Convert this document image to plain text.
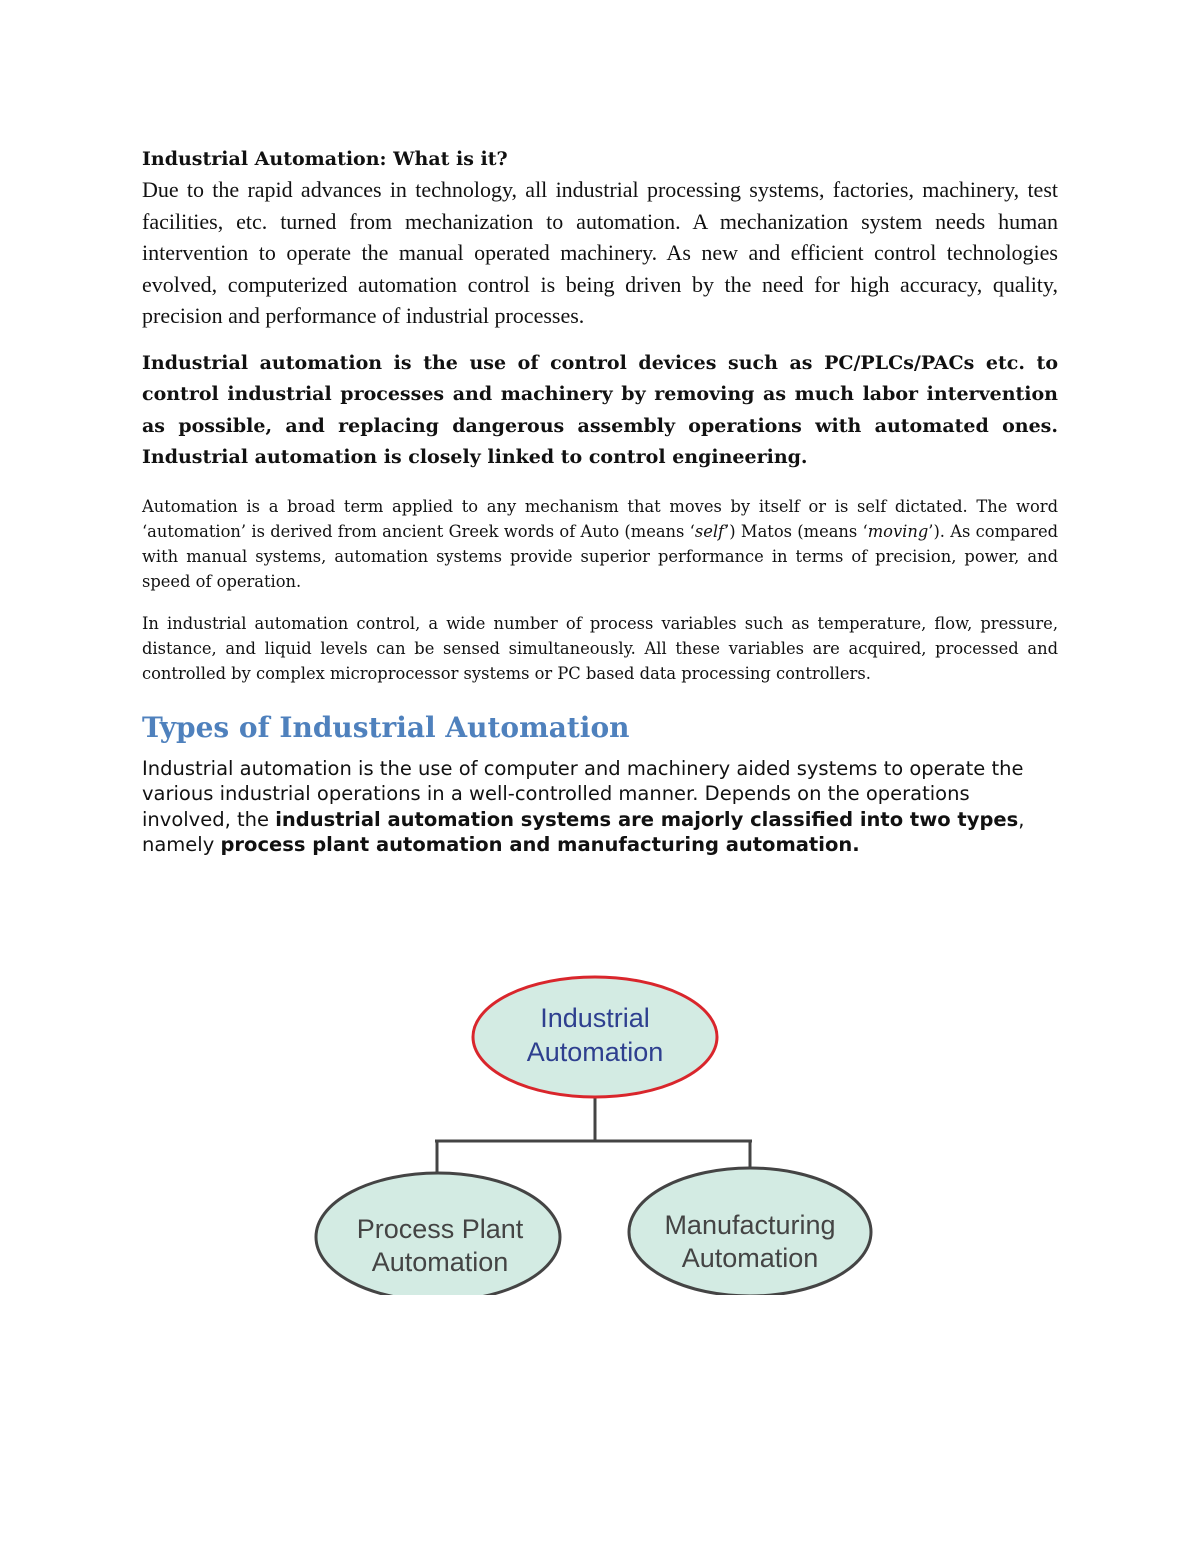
Industrial Automation: What is it?

Due to the rapid advances in technology, all industrial processing systems, factories, machinery, test facilities, etc. turned from mechanization to automation. A mechanization system needs human intervention to operate the manual operated machinery. As new and efficient control technologies evolved, computerized automation control is being driven by the need for high accuracy, quality, precision and performance of industrial processes.

Industrial automation is the use of control devices such as PC/PLCs/PACs etc. to control industrial processes and machinery by removing as much labor intervention as possible, and replacing dangerous assembly operations with automated ones. Industrial automation is closely linked to control engineering.

Automation is a broad term applied to any mechanism that moves by itself or is self dictated. The word ‘automation’ is derived from ancient Greek words of Auto (means ‘self’) Matos (means ‘moving’). As compared with manual systems, automation systems provide superior performance in terms of precision, power, and speed of operation.

In industrial automation control, a wide number of process variables such as temperature, flow, pressure, distance, and liquid levels can be sensed simultaneously. All these variables are acquired, processed and controlled by complex microprocessor systems or PC based data processing controllers.

Types of Industrial Automation

Industrial automation is the use of computer and machinery aided systems to operate the various industrial operations in a well-controlled manner. Depends on the operations involved, the industrial automation systems are majorly classified into two types, namely process plant automation and manufacturing automation.

Industrial
Automation
Process Plant
Automation
Manufacturing
Automation
